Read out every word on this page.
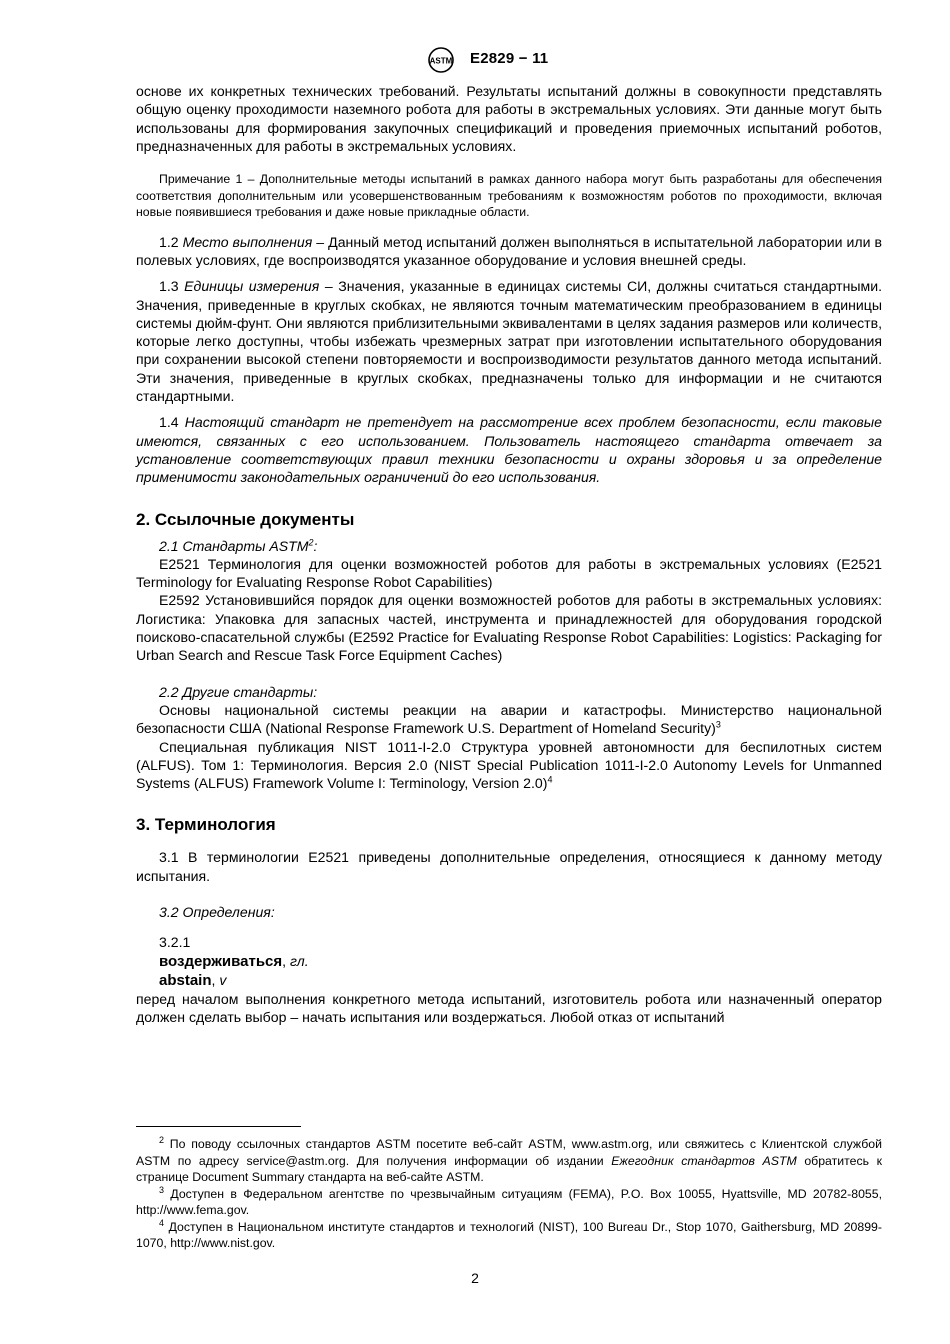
ASTM E2829 − 11

основе их конкретных технических требований. Результаты испытаний должны в совокупности представлять общую оценку проходимости наземного робота для работы в экстремальных условиях. Эти данные могут быть использованы для формирования закупочных спецификаций и проведения приемочных испытаний роботов, предназначенных для работы в экстремальных условиях.

Примечание 1 – Дополнительные методы испытаний в рамках данного набора могут быть разработаны для обеспечения соответствия дополнительным или усовершенствованным требованиям к возможностям роботов по проходимости, включая новые появившиеся требования и даже новые прикладные области.

1.2 Место выполнения – Данный метод испытаний должен выполняться в испытательной лаборатории или в полевых условиях, где воспроизводятся указанное оборудование и условия внешней среды.

1.3 Единицы измерения – Значения, указанные в единицах системы СИ, должны считаться стандартными. Значения, приведенные в круглых скобках, не являются точным математическим преобразованием в единицы системы дюйм-фунт. Они являются приблизительными эквивалентами в целях задания размеров или количеств, которые легко доступны, чтобы избежать чрезмерных затрат при изготовлении испытательного оборудования при сохранении высокой степени повторяемости и воспроизводимости результатов данного метода испытаний. Эти значения, приведенные в круглых скобках, предназначены только для информации и не считаются стандартными.

1.4 Настоящий стандарт не претендует на рассмотрение всех проблем безопасности, если таковые имеются, связанных с его использованием. Пользователь настоящего стандарта отвечает за установление соответствующих правил техники безопасности и охраны здоровья и за определение применимости законодательных ограничений до его использования.

2. Ссылочные документы

2.1 Стандарты ASTM$^2$:

E2521 Терминология для оценки возможностей роботов для работы в экстремальных условиях (E2521 Terminology for Evaluating Response Robot Capabilities)

E2592 Установившийся порядок для оценки возможностей роботов для работы в экстремальных условиях: Логистика: Упаковка для запасных частей, инструмента и принадлежностей для оборудования городской поисково-спасательной службы (E2592 Practice for Evaluating Response Robot Capabilities: Logistics: Packaging for Urban Search and Rescue Task Force Equipment Caches)

2.2 Другие стандарты:

Основы национальной системы реакции на аварии и катастрофы. Министерство национальной безопасности США (National Response Framework U.S. Department of Homeland Security)$^3$

Специальная публикация NIST 1011-I-2.0 Структура уровней автономности для беспилотных систем (ALFUS). Том 1: Терминология. Версия 2.0 (NIST Special Publication 1011-I-2.0 Autonomy Levels for Unmanned Systems (ALFUS) Framework Volume I: Terminology, Version 2.0)$^4$

3. Терминология

3.1 В терминологии E2521 приведены дополнительные определения, относящиеся к данному методу испытания.

3.2 Определения:

3.2.1

воздерживаться, гл.

abstain, v

перед началом выполнения конкретного метода испытаний, изготовитель робота или назначенный оператор должен сделать выбор – начать испытания или воздержаться. Любой отказ от испытаний

$^2$ По поводу ссылочных стандартов ASTM посетите веб-сайт ASTM, www.astm.org, или свяжитесь с Клиентской службой ASTM по адресу service@astm.org. Для получения информации об издании Ежегодник стандартов ASTM обратитесь к странице Document Summary стандарта на веб-сайте ASTM.

$^3$ Доступен в Федеральном агентстве по чрезвычайным ситуациям (FEMA), P.O. Box 10055, Hyattsville, MD 20782-8055, http://www.fema.gov.

$^4$ Доступен в Национальном институте стандартов и технологий (NIST), 100 Bureau Dr., Stop 1070, Gaithersburg, MD 20899-1070, http://www.nist.gov.

2
